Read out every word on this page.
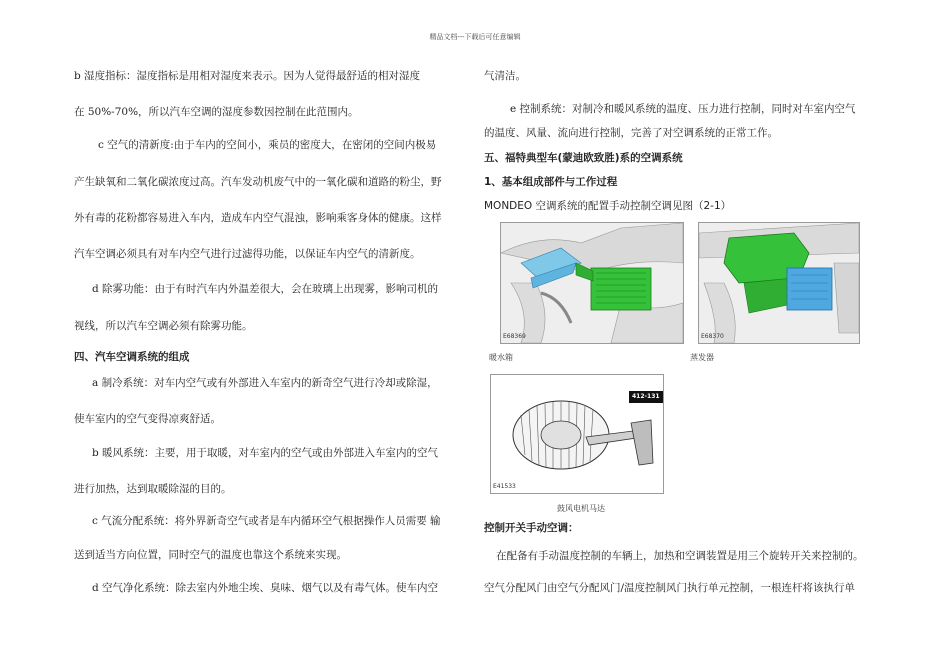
精品文档---下载后可任意编辑
b 湿度指标：湿度指标是用相对湿度来表示。因为人觉得最舒适的相对湿度
在 50%-70%，所以汽车空调的湿度参数因控制在此范围内。
c 空气的清新度:由于车内的空间小，乘员的密度大，在密闭的空间内极易
产生缺氧和二氧化碳浓度过高。汽车发动机废气中的一氧化碳和道路的粉尘，野
外有毒的花粉都容易进入车内，造成车内空气混浊，影响乘客身体的健康。这样
汽车空调必须具有对车内空气进行过滤得功能，以保证车内空气的清新度。
d 除雾功能：由于有时汽车内外温差很大，会在玻璃上出现雾，影响司机的
视线，所以汽车空调必须有除雾功能。
四、汽车空调系统的组成
a 制冷系统：对车内空气或有外部进入车室内的新奇空气进行冷却或除湿，
使车室内的空气变得凉爽舒适。
b 暖风系统：主要，用于取暖，对车室内的空气或由外部进入车室内的空气
进行加热，达到取暖除湿的目的。
c 气流分配系统：将外界新奇空气或者是车内循环空气根据操作人员需要 输
送到适当方向位置，同时空气的温度也靠这个系统来实现。
d 空气净化系统：除去室内外地尘埃、臭味、烟气以及有毒气体。使车内空
气清洁。
e 控制系统：对制冷和暖风系统的温度、压力进行控制，同时对车室内空气
的温度、风量、流向进行控制，完善了对空调系统的正常工作。
五、福特典型车(蒙迪欧致胜)系的空调系统
1、基本组成部件与工作过程
MONDEO 空调系统的配置手动控制空调见图（2-1）
E68369
暖水箱
E68370
蒸发器
412-131
E41533
鼓风电机马达
控制开关手动空调：
在配备有手动温度控制的车辆上，加热和空调装置是用三个旋转开关来控制的。
空气分配风门由空气分配风门/温度控制风门执行单元控制，一根连杆将该执行单
